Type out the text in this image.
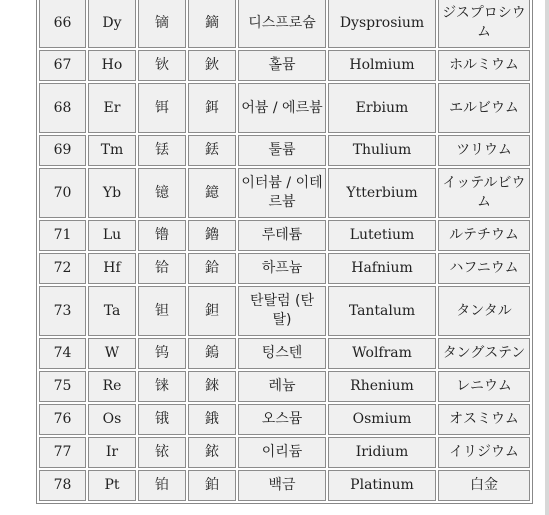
66	Dy	镝	鏑	디스프로슘	Dysprosium	ジスプロシウム
67	Ho	钬	鈥	홀뮴	Holmium	ホルミウム
68	Er	铒	鉺	어븀 / 에르븀	Erbium	エルビウム
69	Tm	铥	銩	툴륨	Thulium	ツリウム
70	Yb	镱	鐿	이터븀 / 이테르븀	Ytterbium	イッテルビウム
71	Lu	镥	鑥	루테튬	Lutetium	ルテチウム
72	Hf	铪	鉿	하프늄	Hafnium	ハフニウム
73	Ta	钽	鉭	탄탈럼 (탄탈)	Tantalum	タンタル
74	W	钨	鎢	텅스텐	Wolfram	タングステン
75	Re	铼	錸	레늄	Rhenium	レニウム
76	Os	锇	鋨	오스뮴	Osmium	オスミウム
77	Ir	铱	銥	이리듐	Iridium	イリジウム
78	Pt	铂	鉑	백금	Platinum	白金
